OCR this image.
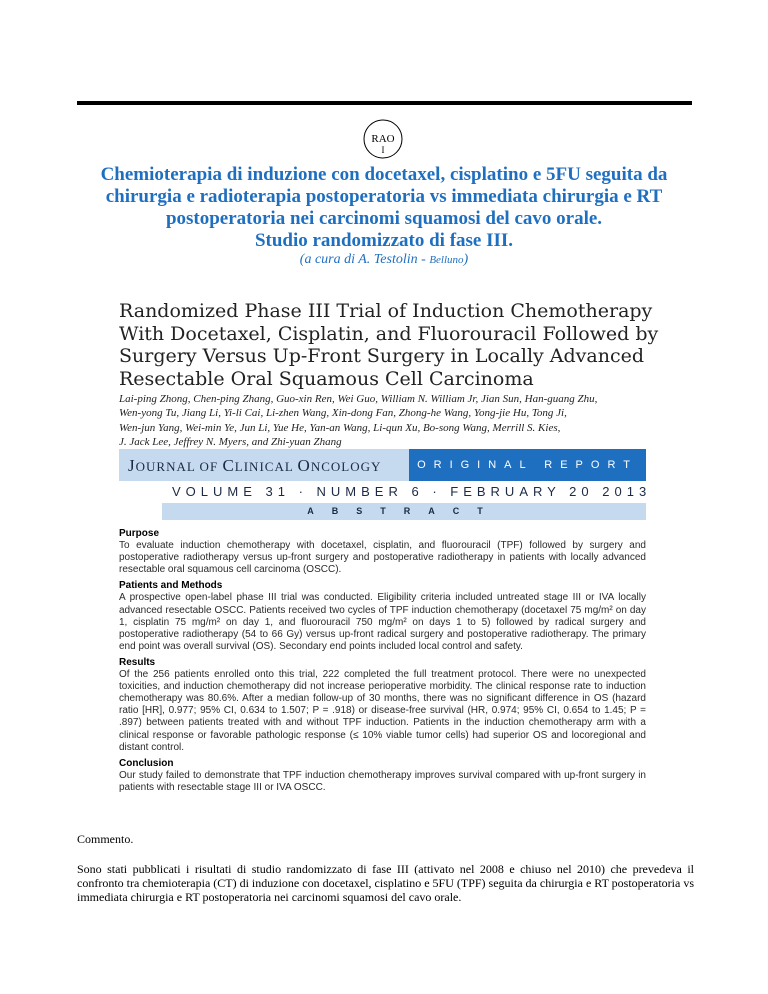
RAO
I
Chemioterapia di induzione con docetaxel, cisplatino e 5FU seguita da
chirurgia e radioterapia postoperatoria vs immediata chirurgia e RT
postoperatoria nei carcinomi squamosi del cavo orale.
Studio randomizzato di fase III.
(a cura di A. Testolin - Belluno)
Randomized Phase III Trial of Induction Chemotherapy
With Docetaxel, Cisplatin, and Fluorouracil Followed by
Surgery Versus Up-Front Surgery in Locally Advanced
Resectable Oral Squamous Cell Carcinoma
Lai-ping Zhong, Chen-ping Zhang, Guo-xin Ren, Wei Guo, William N. William Jr, Jian Sun, Han-guang Zhu,
Wen-yong Tu, Jiang Li, Yi-li Cai, Li-zhen Wang, Xin-dong Fan, Zhong-he Wang, Yong-jie Hu, Tong Ji,
Wen-jun Yang, Wei-min Ye, Jun Li, Yue He, Yan-an Wang, Li-qun Xu, Bo-song Wang, Merrill S. Kies,
J. Jack Lee, Jeffrey N. Myers, and Zhi-yuan Zhang
JOURNAL OF CLINICAL ONCOLOGY	ORIGINAL REPORT
VOLUME 31 · NUMBER 6 · FEBRUARY 20 2013
ABSTRACT
Purpose

To evaluate induction chemotherapy with docetaxel, cisplatin, and fluorouracil (TPF) followed by surgery and postoperative radiotherapy versus up-front surgery and postoperative radiotherapy in patients with locally advanced resectable oral squamous cell carcinoma (OSCC).

Patients and Methods

A prospective open-label phase III trial was conducted. Eligibility criteria included untreated stage III or IVA locally advanced resectable OSCC. Patients received two cycles of TPF induction chemotherapy (docetaxel 75 mg/m² on day 1, cisplatin 75 mg/m² on day 1, and fluorouracil 750 mg/m² on days 1 to 5) followed by radical surgery and postoperative radiotherapy (54 to 66 Gy) versus up-front radical surgery and postoperative radiotherapy. The primary end point was overall survival (OS). Secondary end points included local control and safety.

Results

Of the 256 patients enrolled onto this trial, 222 completed the full treatment protocol. There were no unexpected toxicities, and induction chemotherapy did not increase perioperative morbidity. The clinical response rate to induction chemotherapy was 80.6%. After a median follow-up of 30 months, there was no significant difference in OS (hazard ratio [HR], 0.977; 95% CI, 0.634 to 1.507; P = .918) or disease-free survival (HR, 0.974; 95% CI, 0.654 to 1.45; P = .897) between patients treated with and without TPF induction. Patients in the induction chemotherapy arm with a clinical response or favorable pathologic response (≤ 10% viable tumor cells) had superior OS and locoregional and distant control.

Conclusion

Our study failed to demonstrate that TPF induction chemotherapy improves survival compared with up-front surgery in patients with resectable stage III or IVA OSCC.

Commento.
Sono stati pubblicati i risultati di studio randomizzato di fase III (attivato nel 2008 e chiuso nel 2010) che prevedeva il confronto tra chemioterapia (CT) di induzione con docetaxel, cisplatino e 5FU (TPF) seguita da chirurgia e RT postoperatoria vs immediata chirurgia e RT postoperatoria nei carcinomi squamosi del cavo orale.
